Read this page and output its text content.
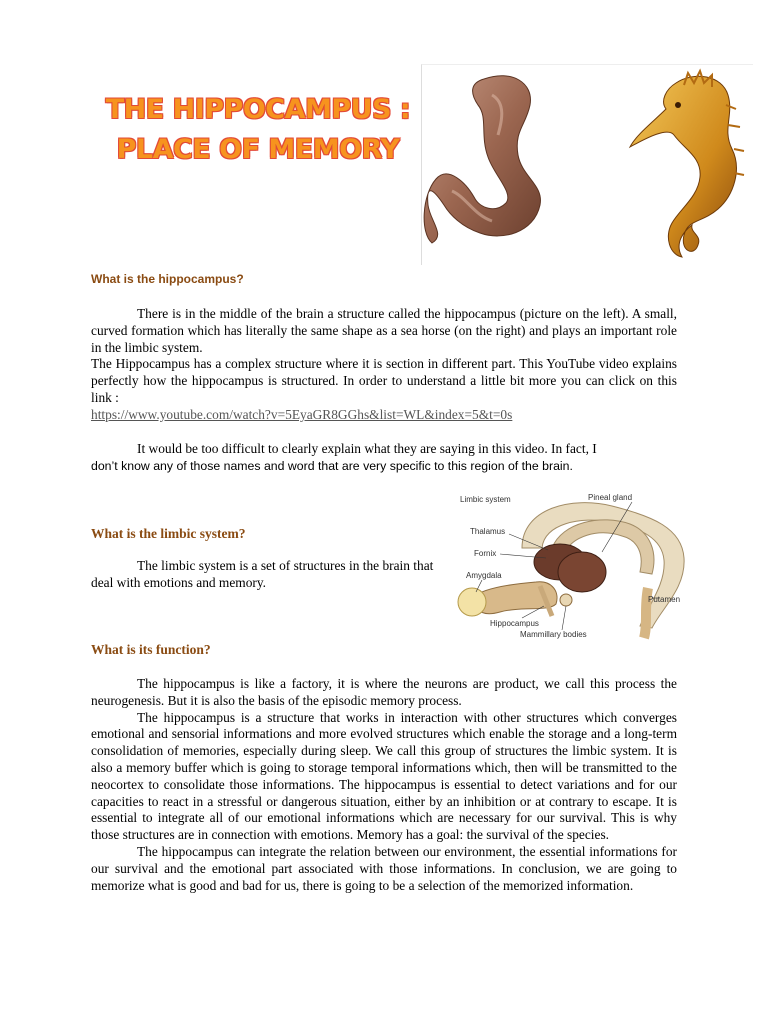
THE HIPPOCAMPUS :
PLACE OF MEMORY
What is the hippocampus?

There is in the middle of the brain a structure called the hippocampus (picture on the left). A small, curved formation which has literally the same shape as a sea horse (on the right) and plays an important role in the limbic system.

The Hippocampus has a complex structure where it is section in different part. This YouTube video explains perfectly how the hippocampus is structured. In order to understand a little bit more you can click on this link :

https://www.youtube.com/watch?v=5EyaGR8GGhs&list=WL&index=5&t=0s

It would be too difficult to clearly explain what they are saying in this video. In fact, I

don’t know any of those names and word that are very specific to this region of the brain.

What is the limbic system?

The limbic system is a set of structures in the brain that deal with emotions and memory.

Limbic system	Pineal gland
Thalamus
Fornix
Amygdala
Putamen
Hippocampus
Mammillary bodies
What is its function?

The hippocampus is like a factory, it is where the neurons are product, we call this process the neurogenesis. But it is also the basis of the episodic memory process.

The hippocampus is a structure that works in interaction with other structures which converges emotional and sensorial informations and more evolved structures which enable the storage and a long-term consolidation of memories, especially during sleep. We call this group of structures the limbic system. It is also a memory buffer which is going to storage temporal informations which, then will be transmitted to the neocortex to consolidate those informations. The hippocampus is essential to detect variations and for our capacities to react in a stressful or dangerous situation, either by an inhibition or at contrary to escape. It is essential to integrate all of our emotional informations which are necessary for our survival. This is why those structures are in connection with emotions. Memory has a goal: the survival of the species.

The hippocampus can integrate the relation between our environment, the essential informations for our survival and the emotional part associated with those informations. In conclusion, we are going to memorize what is good and bad for us, there is going to be a selection of the memorized information.
